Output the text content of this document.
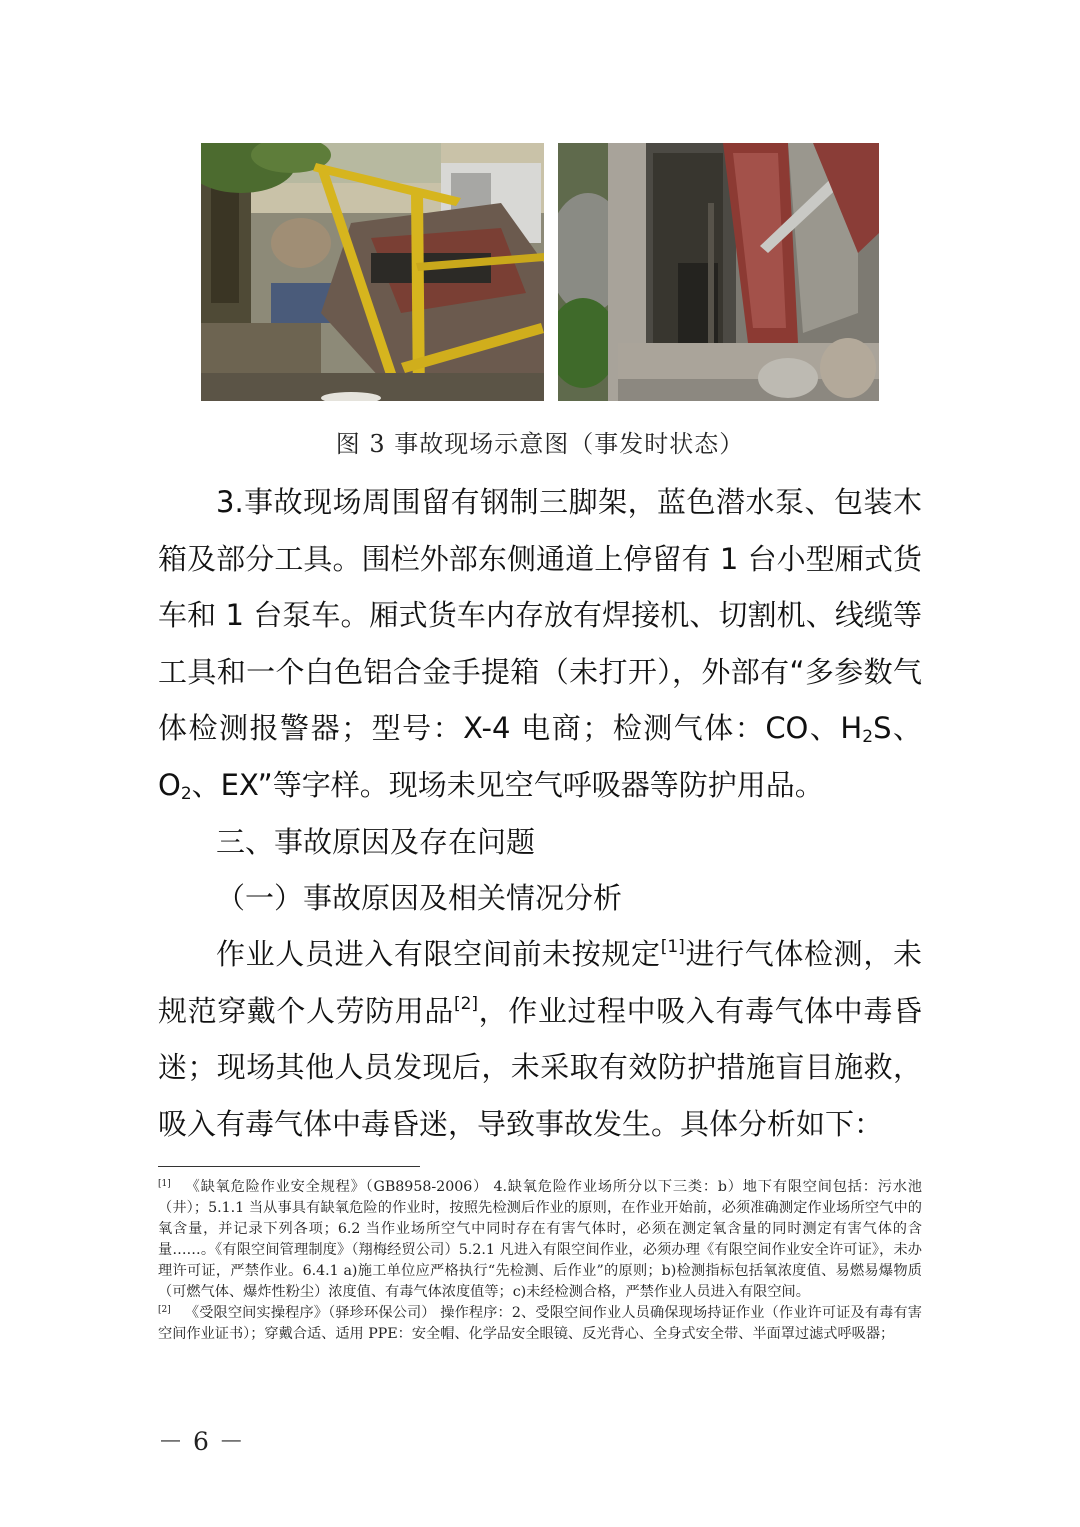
图 3 事故现场示意图（事发时状态）
3.事故现场周围留有钢制三脚架，蓝色潜水泵、包装木箱及部分工具。围栏外部东侧通道上停留有 1 台小型厢式货车和 1 台泵车。厢式货车内存放有焊接机、切割机、线缆等工具和一个白色铝合金手提箱（未打开），外部有“多参数气体检测报警器；型号：X-4 电商；检测气体：CO、$H_2S$、$O_2$、EX”等字样。现场未见空气呼吸器等防护用品。
三、事故原因及存在问题
（一）事故原因及相关情况分析
作业人员进入有限空间前未按规定[1]进行气体检测，未规范穿戴个人劳防用品[2]，作业过程中吸入有毒气体中毒昏迷；现场其他人员发现后，未采取有效防护措施盲目施救，吸入有毒气体中毒昏迷，导致事故发生。具体分析如下：

[1] 《缺氧危险作业安全规程》（GB8958-2006） 4.缺氧危险作业场所分以下三类：b）地下有限空间包括：污水池（井）；5.1.1 当从事具有缺氧危险的作业时，按照先检测后作业的原则，在作业开始前，必须准确测定作业场所空气中的氧含量，并记录下列各项；6.2 当作业场所空气中同时存在有害气体时，必须在测定氧含量的同时测定有害气体的含量……。《有限空间管理制度》（翔梅经贸公司）5.2.1 凡进入有限空间作业，必须办理《有限空间作业安全许可证》，未办理许可证，严禁作业。6.4.1 a)施工单位应严格执行“先检测、后作业”的原则；b)检测指标包括氧浓度值、易燃易爆物质（可燃气体、爆炸性粉尘）浓度值、有毒气体浓度值等；c)未经检测合格，严禁作业人员进入有限空间。

[2] 《受限空间实操程序》（驿珍环保公司） 操作程序：2、受限空间作业人员确保现场持证作业（作业许可证及有毒有害空间作业证书）；穿戴合适、适用 PPE：安全帽、化学品安全眼镜、反光背心、全身式安全带、半面罩过滤式呼吸器；

－ 6 －
